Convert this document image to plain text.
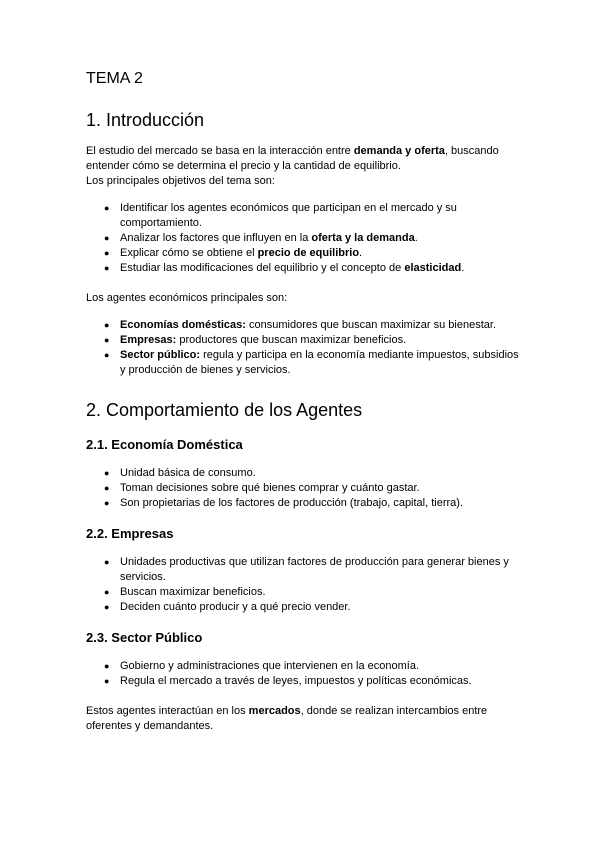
TEMA 2
1. Introducción

El estudio del mercado se basa en la interacción entre demanda y oferta, buscando entender cómo se determina el precio y la cantidad de equilibrio.

Los principales objetivos del tema son:

● Identificar los agentes económicos que participan en el mercado y su comportamiento.
● Analizar los factores que influyen en la oferta y la demanda.
● Explicar cómo se obtiene el precio de equilibrio.
● Estudiar las modificaciones del equilibrio y el concepto de elasticidad.

Los agentes económicos principales son:

● Economías domésticas: consumidores que buscan maximizar su bienestar.
● Empresas: productores que buscan maximizar beneficios.
● Sector público: regula y participa en la economía mediante impuestos, subsidios y producción de bienes y servicios.
2. Comportamiento de los Agentes
2.1. Economía Doméstica
● Unidad básica de consumo.
● Toman decisiones sobre qué bienes comprar y cuánto gastar.
● Son propietarias de los factores de producción (trabajo, capital, tierra).
2.2. Empresas
● Unidades productivas que utilizan factores de producción para generar bienes y servicios.
● Buscan maximizar beneficios.
● Deciden cuánto producir y a qué precio vender.
2.3. Sector Público
● Gobierno y administraciones que intervienen en la economía.
● Regula el mercado a través de leyes, impuestos y políticas económicas.

Estos agentes interactúan en los mercados, donde se realizan intercambios entre oferentes y demandantes.
